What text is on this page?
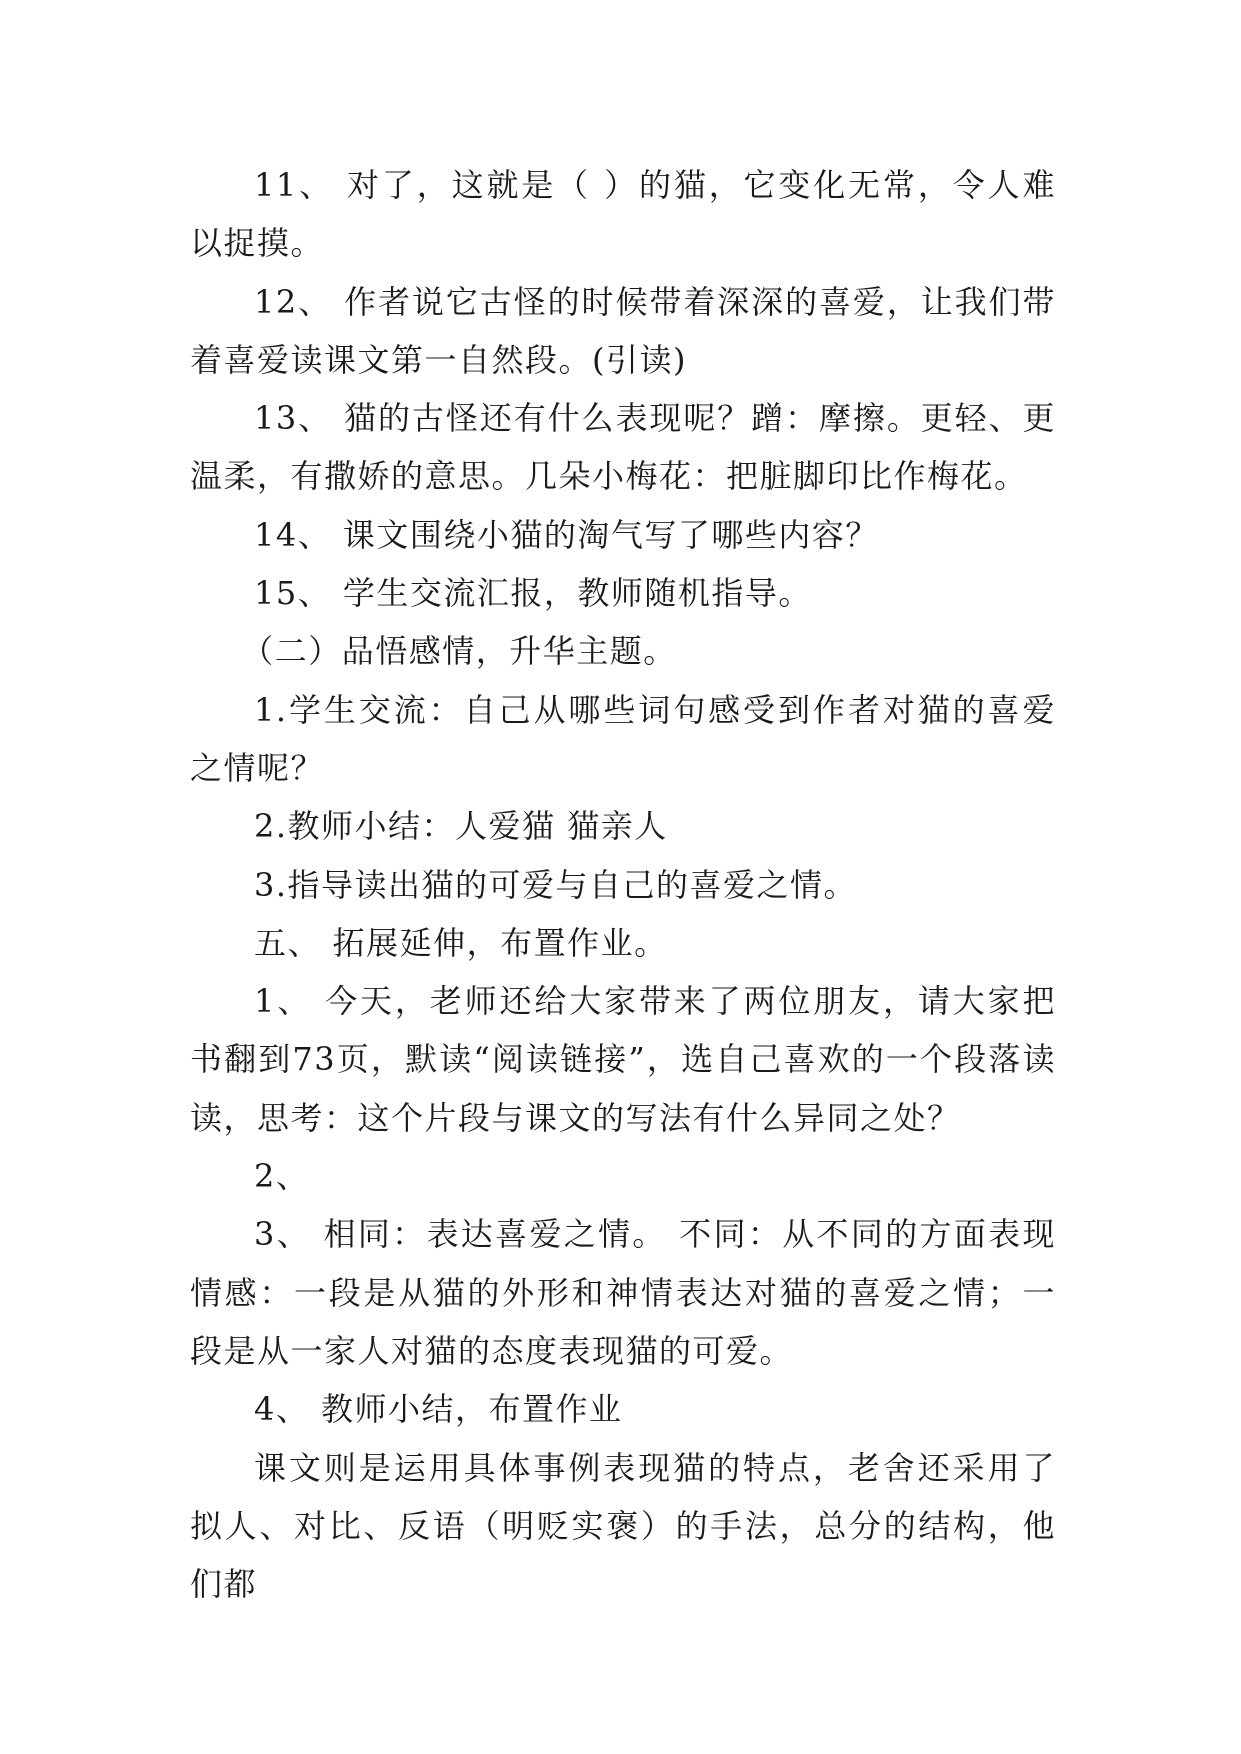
11、 对了，这就是（ ）的猫，它变化无常，令人难以捉摸。

12、 作者说它古怪的时候带着深深的喜爱，让我们带着喜爱读课文第一自然段。(引读)

13、 猫的古怪还有什么表现呢？蹭：摩擦。更轻、更温柔，有撒娇的意思。几朵小梅花：把脏脚印比作梅花。

14、 课文围绕小猫的淘气写了哪些内容？

15、 学生交流汇报，教师随机指导。

（二）品悟感情，升华主题。

1.学生交流：自己从哪些词句感受到作者对猫的喜爱之情呢？

2.教师小结：人爱猫 猫亲人

3.指导读出猫的可爱与自己的喜爱之情。

五、 拓展延伸，布置作业。

1、 今天，老师还给大家带来了两位朋友，请大家把书翻到73页，默读“阅读链接”，选自己喜欢的一个段落读读，思考：这个片段与课文的写法有什么异同之处？

2、

3、 相同：表达喜爱之情。 不同：从不同的方面表现情感：一段是从猫的外形和神情表达对猫的喜爱之情；一段是从一家人对猫的态度表现猫的可爱。

4、 教师小结，布置作业

课文则是运用具体事例表现猫的特点，老舍还采用了拟人、对比、反语（明贬实褒）的手法，总分的结构，他们都
